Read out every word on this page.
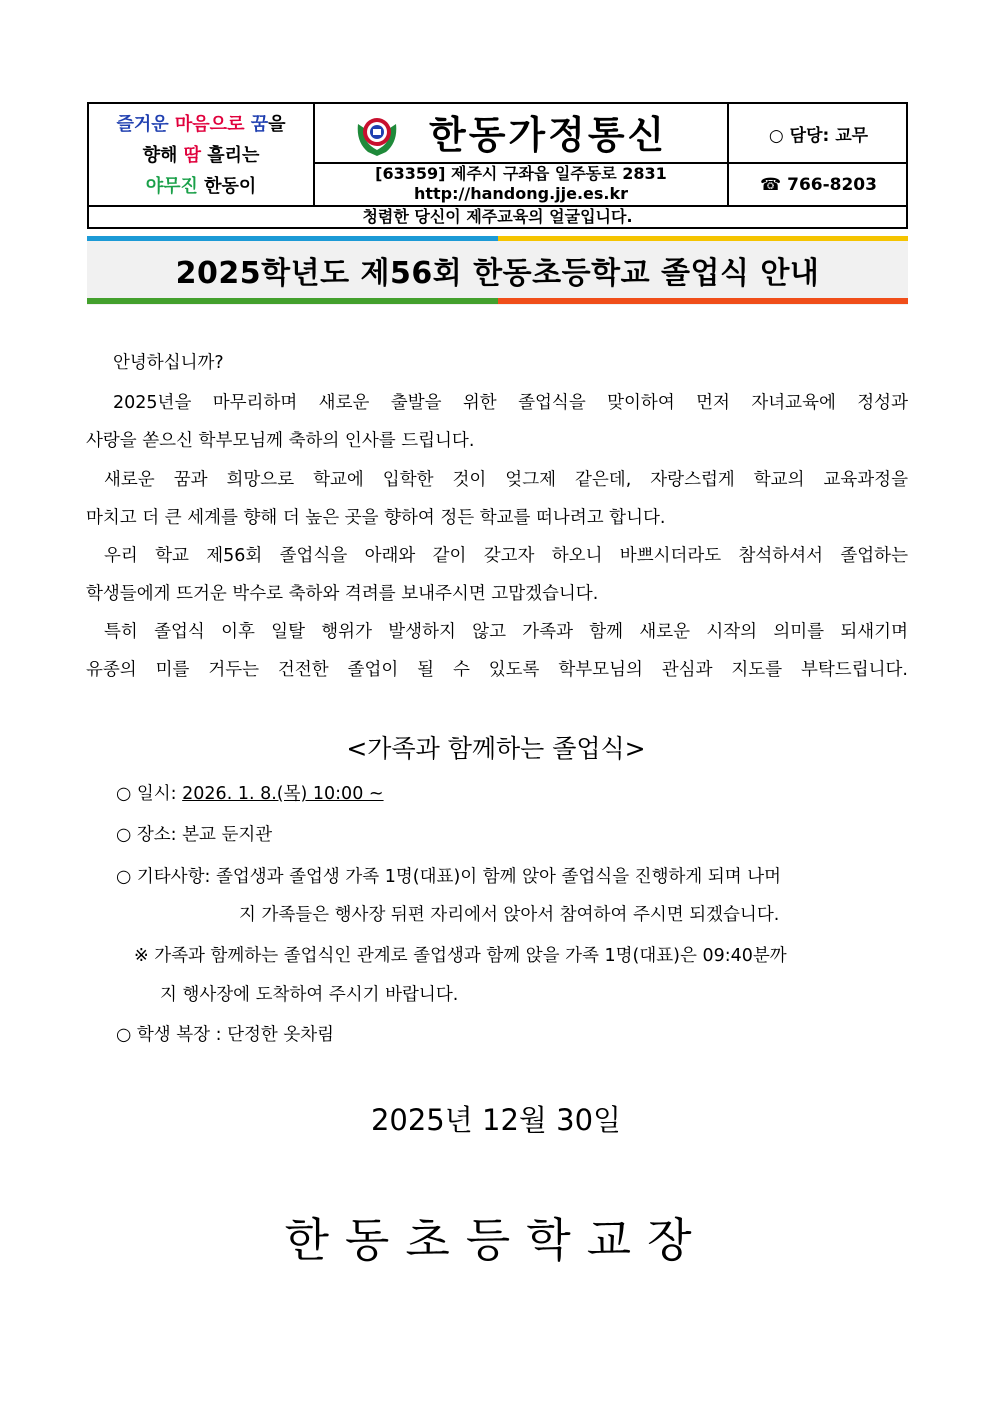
즐거운 마음으로 꿈을
향해 땀 흘리는
야무진 한동이
한동가정통신
[63359] 제주시 구좌읍 일주동로 2831
http://handong.jje.es.kr
○ 담당: 교무
☎ 766-8203
청렴한 당신이 제주교육의 얼굴입니다.
2025학년도 제56회 한동초등학교 졸업식 안내
안녕하십니까?
2025년을 마무리하며 새로운 출발을 위한 졸업식을 맞이하여 먼저 자녀교육에 정성과
사랑을 쏟으신 학부모님께 축하의 인사를 드립니다.
새로운 꿈과 희망으로 학교에 입학한 것이 엊그제 같은데, 자랑스럽게 학교의 교육과정을
마치고 더 큰 세계를 향해 더 높은 곳을 향하여 정든 학교를 떠나려고 합니다.
우리 학교 제56회 졸업식을 아래와 같이 갖고자 하오니 바쁘시더라도 참석하셔서 졸업하는
학생들에게 뜨거운 박수로 축하와 격려를 보내주시면 고맙겠습니다.
특히 졸업식 이후 일탈 행위가 발생하지 않고 가족과 함께 새로운 시작의 의미를 되새기며
유종의 미를 거두는 건전한 졸업이 될 수 있도록 학부모님의 관심과 지도를 부탁드립니다.
<가족과 함께하는 졸업식>
○ 일시: 2026. 1. 8.(목) 10:00 ~
○ 장소: 본교 둔지관
○ 기타사항: 졸업생과 졸업생 가족 1명(대표)이 함께 앉아 졸업식을 진행하게 되며 나머
지 가족들은 행사장 뒤편 자리에서 앉아서 참여하여 주시면 되겠습니다.
※ 가족과 함께하는 졸업식인 관계로 졸업생과 함께 앉을 가족 1명(대표)은 09:40분까
지 행사장에 도착하여 주시기 바랍니다.
○ 학생 복장 : 단정한 옷차림
2025년 12월 30일
한동초등학교장
